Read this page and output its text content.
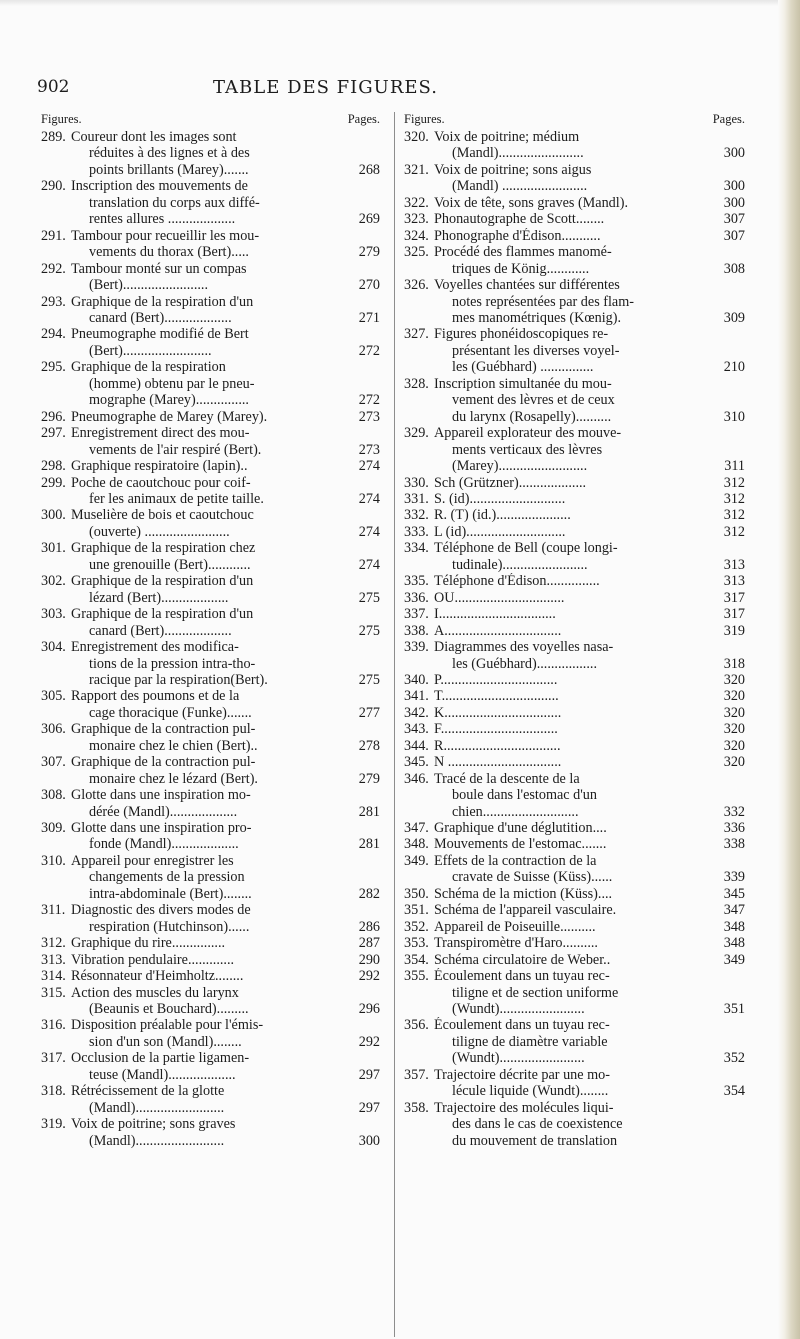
902	TABLE DES FIGURES.
Figures.	Pages.
289. Coureur dont les images sont
réduites à des lignes et à des
points brillants (Marey).......	268
290. Inscription des mouvements de
translation du corps aux diffé-
rentes allures ...................	269
291. Tambour pour recueillir les mou-
vements du thorax (Bert).....	279
292. Tambour monté sur un compas
(Bert)........................	270
293. Graphique de la respiration d'un
canard (Bert)...................	271
294. Pneumographe modifié de Bert
(Bert).........................	272
295. Graphique de la respiration
(homme) obtenu par le pneu-
mographe (Marey)...............	272
296. Pneumographe de Marey (Marey).	273
297. Enregistrement direct des mou-
vements de l'air respiré (Bert).	273
298. Graphique respiratoire (lapin)..	274
299. Poche de caoutchouc pour coif-
fer les animaux de petite taille.	274
300. Muselière de bois et caoutchouc
(ouverte) ........................	274
301. Graphique de la respiration chez
une grenouille (Bert)............	274
302. Graphique de la respiration d'un
lézard (Bert)...................	275
303. Graphique de la respiration d'un
canard (Bert)...................	275
304. Enregistrement des modifica-
tions de la pression intra-tho-
racique par la respiration(Bert).	275
305. Rapport des poumons et de la
cage thoracique (Funke).......	277
306. Graphique de la contraction pul-
monaire chez le chien (Bert)..	278
307. Graphique de la contraction pul-
monaire chez le lézard (Bert).	279
308. Glotte dans une inspiration mo-
dérée (Mandl)...................	281
309. Glotte dans une inspiration pro-
fonde (Mandl)...................	281
310. Appareil pour enregistrer les
changements de la pression
intra-abdominale (Bert)........	282
311. Diagnostic des divers modes de
respiration (Hutchinson)......	286
312. Graphique du rire...............	287
313. Vibration pendulaire.............	290
314. Résonnateur d'Heimholtz........	292
315. Action des muscles du larynx
(Beaunis et Bouchard).........	296
316. Disposition préalable pour l'émis-
sion d'un son (Mandl)........	292
317. Occlusion de la partie ligamen-
teuse (Mandl)...................	297
318. Rétrécissement de la glotte
(Mandl).........................	297
319. Voix de poitrine; sons graves
(Mandl).........................	300
Figures.	Pages.
320. Voix de poitrine; médium
(Mandl)........................	300
321. Voix de poitrine; sons aigus
(Mandl) ........................	300
322. Voix de tête, sons graves (Mandl).	300
323. Phonautographe de Scott........	307
324. Phonographe d'Édison...........	307
325. Procédé des flammes manomé-
triques de König............	308
326. Voyelles chantées sur différentes
notes représentées par des flam-
mes manométriques (Kœnig).	309
327. Figures phonéidoscopiques re-
présentant les diverses voyel-
les (Guébhard) ...............	210
328. Inscription simultanée du mou-
vement des lèvres et de ceux
du larynx (Rosapelly)..........	310
329. Appareil explorateur des mouve-
ments verticaux des lèvres
(Marey).........................	311
330. Sch (Grützner)...................	312
331. S. (id)...........................	312
332. R. (T) (id.).....................	312
333. L (id)............................	312
334. Téléphone de Bell (coupe longi-
tudinale)........................	313
335. Téléphone d'Édison...............	313
336. OU...............................	317
337. I.................................	317
338. A.................................	319
339. Diagrammes des voyelles nasa-
les (Guébhard).................	318
340. P.................................	320
341. T.................................	320
342. K.................................	320
343. F.................................	320
344. R.................................	320
345. N ................................	320
346. Tracé de la descente de la
boule dans l'estomac d'un
chien...........................	332
347. Graphique d'une déglutition....	336
348. Mouvements de l'estomac.......	338
349. Effets de la contraction de la
cravate de Suisse (Küss)......	339
350. Schéma de la miction (Küss)....	345
351. Schéma de l'appareil vasculaire.	347
352. Appareil de Poiseuille..........	348
353. Transpiromètre d'Haro..........	348
354. Schéma circulatoire de Weber..	349
355. Écoulement dans un tuyau rec-
tiligne et de section uniforme
(Wundt)........................	351
356. Écoulement dans un tuyau rec-
tiligne de diamètre variable
(Wundt)........................	352
357. Trajectoire décrite par une mo-
lécule liquide (Wundt)........	354
358. Trajectoire des molécules liqui-
des dans le cas de coexistence
du mouvement de translation
